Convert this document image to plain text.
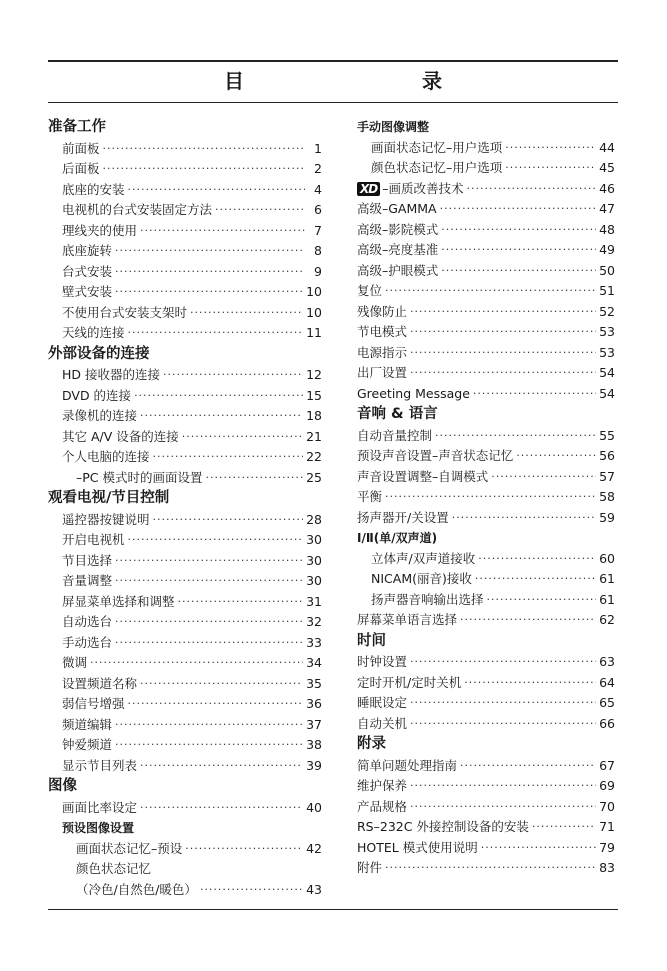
目　　录
准备工作
前面板 ·····	1
后面板 ·····	2
底座的安装 ·····	4
电视机的台式安装固定方法 ·····	6
理线夹的使用 ·····	7
底座旋转 ·····	8
台式安装 ·····	9
壁式安装 ·····	10
不使用台式安装支架时 ·····	10
天线的连接 ·····	11
外部设备的连接
HD 接收器的连接 ·····	12
DVD 的连接 ·····	15
录像机的连接 ·····	18
其它 A/V 设备的连接 ·····	21
个人电脑的连接 ·····	22
–PC 模式时的画面设置 ·····	25
观看电视/节目控制
遥控器按键说明 ·····	28
开启电视机 ·····	30
节目选择 ·····	30
音量调整 ·····	30
屏显菜单选择和调整 ·····	31
自动选台 ·····	32
手动选台 ·····	33
微调 ·····	34
设置频道名称 ·····	35
弱信号增强 ·····	36
频道编辑 ·····	37
钟爱频道 ·····	38
显示节目列表 ·····	39
图像
画面比率设定 ·····	40
预设图像设置
画面状态记忆–预设 ·····	42
颜色状态记忆
（冷色/自然色/暖色） ·····	43
手动图像调整
画面状态记忆–用户选项 ·····	44
颜色状态记忆–用户选项 ·····	45
XD –画质改善技术 ·····	46
高级–GAMMA ·····	47
高级–影院模式 ·····	48
高级–亮度基准 ·····	49
高级–护眼模式 ·····	50
复位 ·····	51
残像防止 ·····	52
节电模式 ·····	53
电源指示 ·····	53
出厂设置 ·····	54
Greeting Message ·····	54
音响 & 语言
自动音量控制 ·····	55
预设声音设置–声音状态记忆 ·····	56
声音设置调整–自调模式 ·····	57
平衡 ·····	58
扬声器开/关设置 ·····	59
Ⅰ/Ⅱ(单/双声道)
立体声/双声道接收 ·····	60
NICAM(丽音)接收 ·····	61
扬声器音响输出选择 ·····	61
屏幕菜单语言选择 ·····	62
时间
时钟设置 ·····	63
定时开机/定时关机 ·····	64
睡眠设定 ·····	65
自动关机 ·····	66
附录
简单问题处理指南 ·····	67
维护保养 ·····	69
产品规格 ·····	70
RS–232C 外接控制设备的安装 ·····	71
HOTEL 模式使用说明 ·····	79
附件 ·····	83
